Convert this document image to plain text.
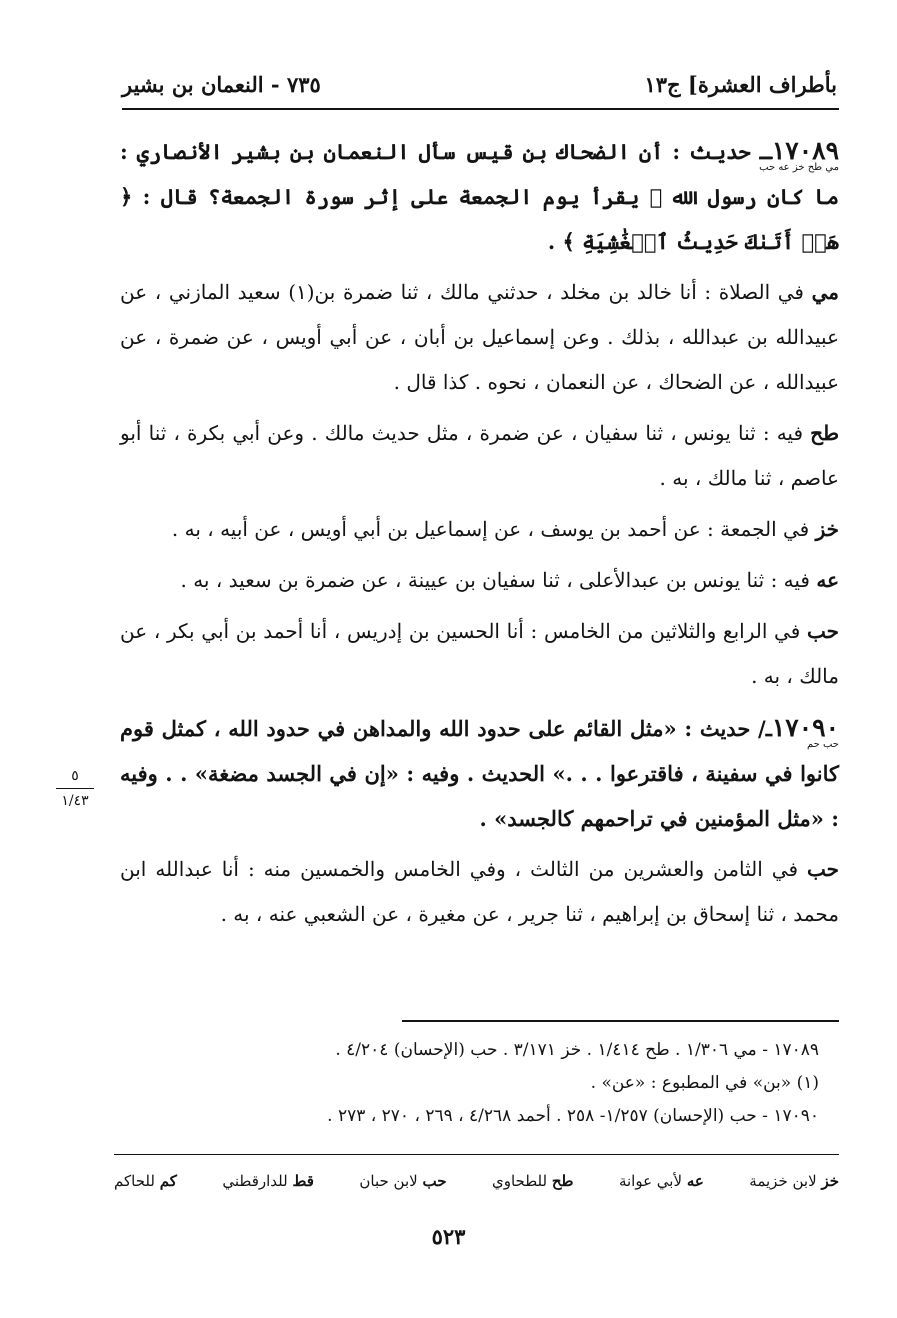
بأطراف العشرة] ج١٣
٧٣٥ - النعمان بن بشير

١٧٠٨٩ـ حديث : أن الضحاك بن قيس سأل النعمان بن بشير الأنصاري : ما كان رسول الله ﷺ يقرأ يوم الجمعة على إثر سورة الجمعة؟ قال : ﴿ هَلۡ أَتَىٰكَ حَدِيثُ ٱلۡغَٰشِيَةِ ﴾ .
مي طح خز عه حب

مي في الصلاة : أنا خالد بن مخلد ، حدثني مالك ، ثنا ضمرة بن(١) سعيد المازني ، عن عبيدالله بن عبدالله ، بذلك . وعن إسماعيل بن أبان ، عن أبي أويس ، عن ضمرة ، عن عبيدالله ، عن الضحاك ، عن النعمان ، نحوه . كذا قال .

طح فيه : ثنا يونس ، ثنا سفيان ، عن ضمرة ، مثل حديث مالك . وعن أبي بكرة ، ثنا أبو عاصم ، ثنا مالك ، به .

خز في الجمعة : عن أحمد بن يوسف ، عن إسماعيل بن أبي أويس ، عن أبيه ، به .

عه فيه : ثنا يونس بن عبدالأعلى ، ثنا سفيان بن عيينة ، عن ضمرة بن سعيد ، به .

حب في الرابع والثلاثين من الخامس : أنا الحسين بن إدريس ، أنا أحمد بن أبي بكر ، عن مالك ، به .

١٧٠٩٠ـ/ حديث : «مثل القائم على حدود الله والمداهن في حدود الله ، كمثل قوم كانوا في سفينة ، فاقترعوا . . .» الحديث . وفيه : «إن في الجسد مضغة» . . وفيه : «مثل المؤمنين في تراحمهم كالجسد» .
حب حم

حب في الثامن والعشرين من الثالث ، وفي الخامس والخمسين منه : أنا عبدالله ابن محمد ، ثنا إسحاق بن إبراهيم ، ثنا جرير ، عن مغيرة ، عن الشعبي عنه ، به .

٥
١/٤٣
١٧٠٨٩ - مي ١/٣٠٦ . طح ١/٤١٤ . خز ٣/١٧١ . حب (الإحسان) ٤/٢٠٤ .
(١) «بن» في المطبوع : «عن» .
١٧٠٩٠ - حب (الإحسان) ١/٢٥٧- ٢٥٨ . أحمد ٤/٢٦٨ ، ٢٦٩ ، ٢٧٠ ، ٢٧٣ .
خز لابن خزيمة
عه لأبي عوانة
طح للطحاوي
حب لابن حبان
قط للدارقطني
كم للحاكم
٥٢٣
